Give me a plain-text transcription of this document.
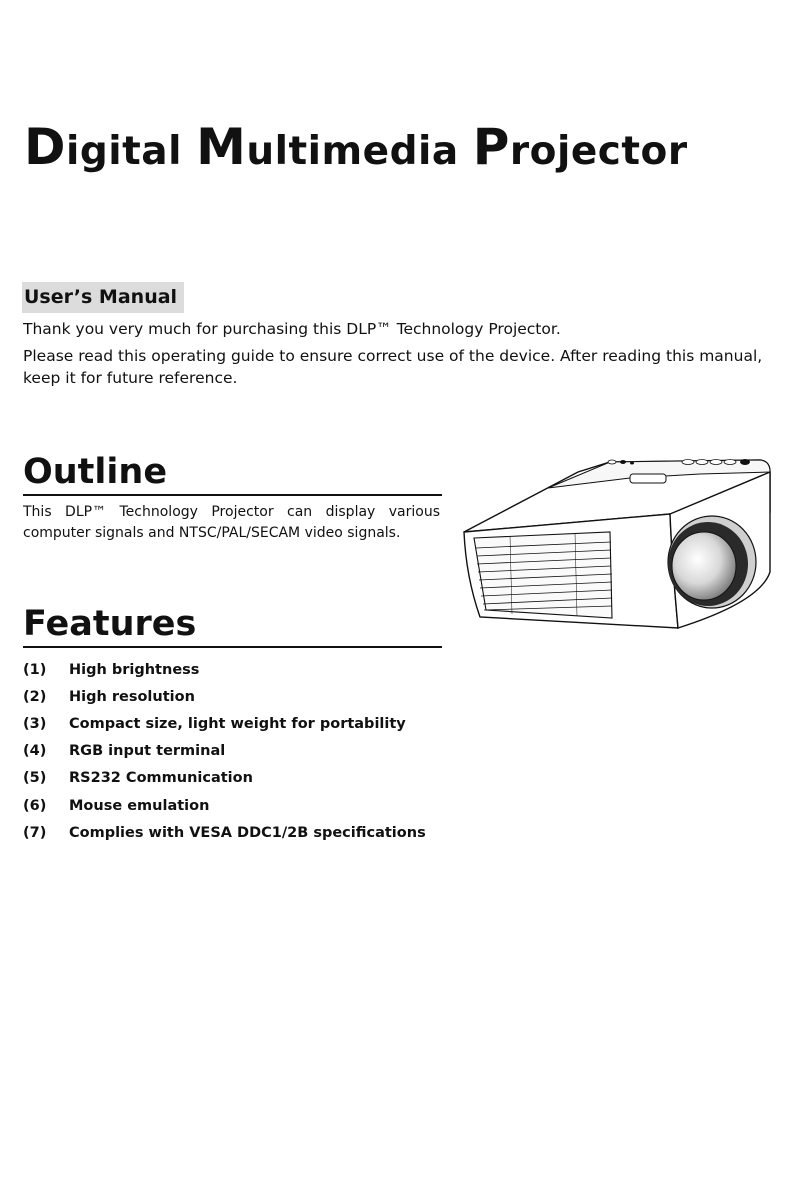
Digital Multimedia Projector
User’s Manual
Thank you very much for purchasing this DLP™ Technology Projector.
Please read this operating guide to ensure correct use of the device. After reading this manual, keep it for future reference.
Outline
This DLP™ Technology Projector can display various computer signals and NTSC/PAL/SECAM video signals.
Features
(1)	High brightness
(2)	High resolution
(3)	Compact size, light weight for portability
(4)	RGB input terminal
(5)	RS232 Communication
(6)	Mouse emulation
(7)	Complies with VESA DDC1/2B specifications
